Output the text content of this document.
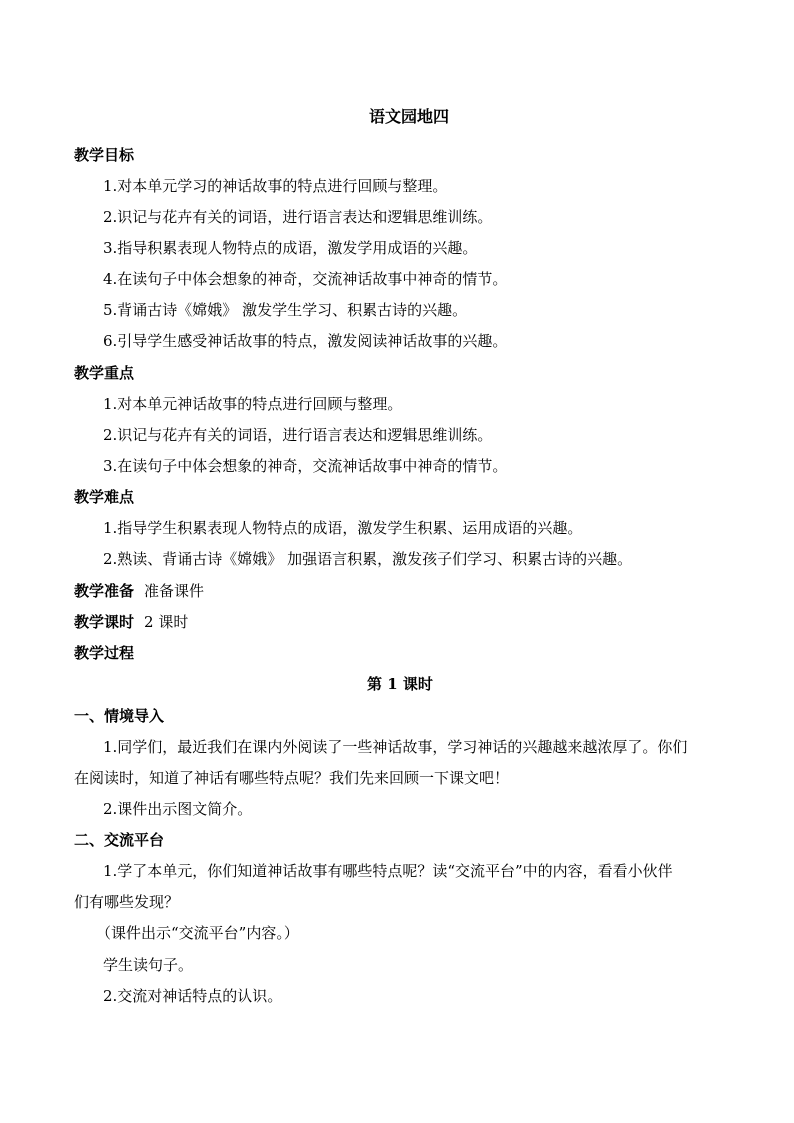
语文园地四
教学目标
1.对本单元学习的神话故事的特点进行回顾与整理。
2.识记与花卉有关的词语，进行语言表达和逻辑思维训练。
3.指导积累表现人物特点的成语，激发学用成语的兴趣。
4.在读句子中体会想象的神奇，交流神话故事中神奇的情节。
5.背诵古诗《嫦娥》 激发学生学习、积累古诗的兴趣。
6.引导学生感受神话故事的特点，激发阅读神话故事的兴趣。
教学重点
1.对本单元神话故事的特点进行回顾与整理。
2.识记与花卉有关的词语，进行语言表达和逻辑思维训练。
3.在读句子中体会想象的神奇，交流神话故事中神奇的情节。
教学难点
1.指导学生积累表现人物特点的成语，激发学生积累、运用成语的兴趣。
2.熟读、背诵古诗《嫦娥》 加强语言积累，激发孩子们学习、积累古诗的兴趣。
教学准备 准备课件
教学课时 2 课时
教学过程
第 1 课时
一、情境导入
1.同学们，最近我们在课内外阅读了一些神话故事，学习神话的兴趣越来越浓厚了。你们
在阅读时，知道了神话有哪些特点呢？我们先来回顾一下课文吧！
2.课件出示图文简介。
二、交流平台
1.学了本单元，你们知道神话故事有哪些特点呢？读“交流平台”中的内容，看看小伙伴
们有哪些发现？
（课件出示“交流平台”内容。）
学生读句子。
2.交流对神话特点的认识。
